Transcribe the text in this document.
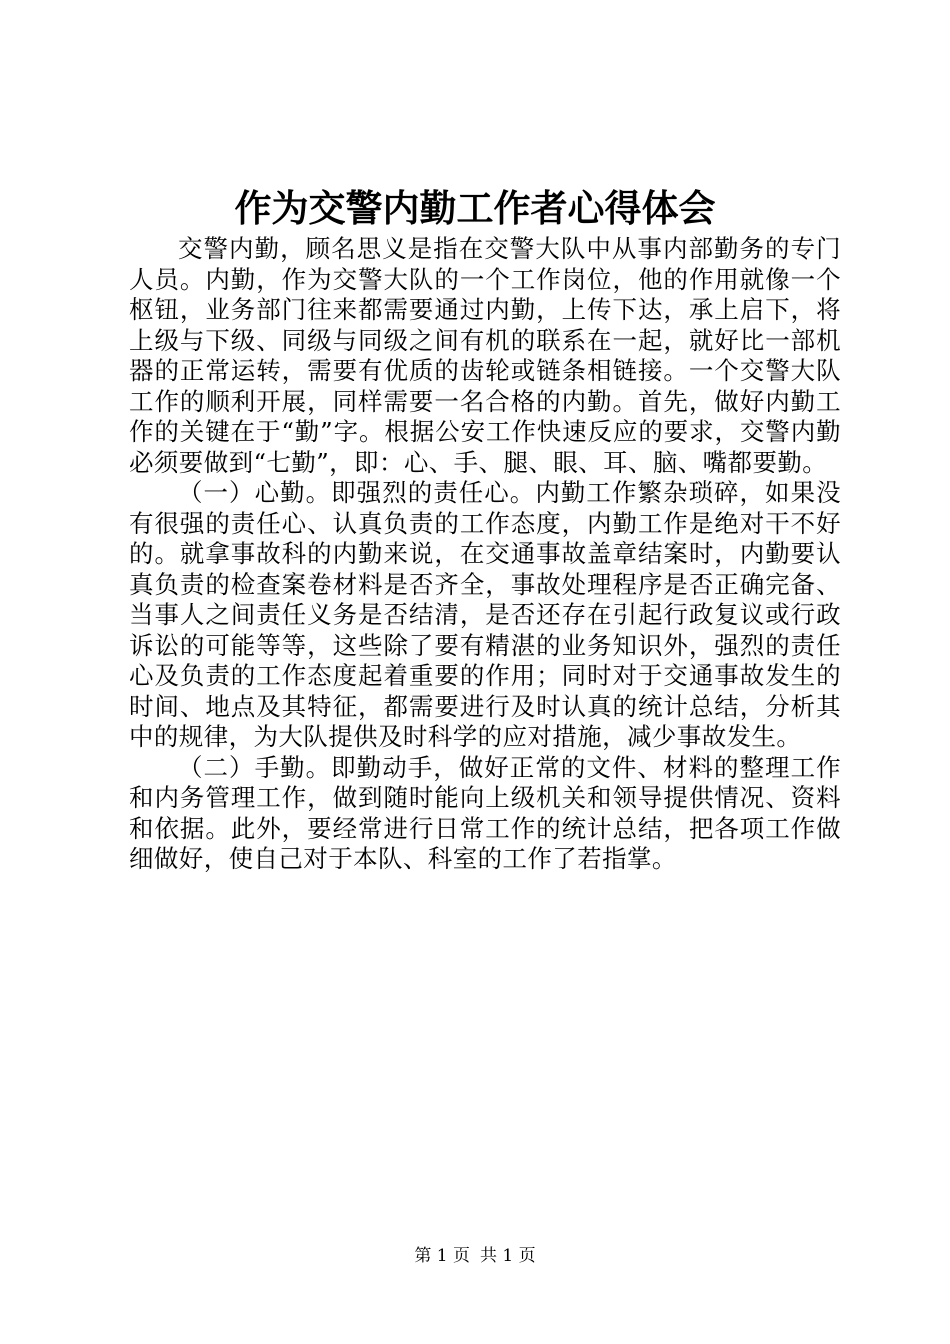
作为交警内勤工作者心得体会

交警内勤，顾名思义是指在交警大队中从事内部勤务的专门人员。内勤，作为交警大队的一个工作岗位，他的作用就像一个枢钮，业务部门往来都需要通过内勤，上传下达，承上启下，将上级与下级、同级与同级之间有机的联系在一起，就好比一部机器的正常运转，需要有优质的齿轮或链条相链接。一个交警大队工作的顺利开展，同样需要一名合格的内勤。首先，做好内勤工作的关键在于“勤”字。根据公安工作快速反应的要求，交警内勤必须要做到“七勤”，即：心、手、腿、眼、耳、脑、嘴都要勤。

（一）心勤。即强烈的责任心。内勤工作繁杂琐碎，如果没有很强的责任心、认真负责的工作态度，内勤工作是绝对干不好的。就拿事故科的内勤来说，在交通事故盖章结案时，内勤要认真负责的检查案卷材料是否齐全，事故处理程序是否正确完备、当事人之间责任义务是否结清，是否还存在引起行政复议或行政诉讼的可能等等，这些除了要有精湛的业务知识外，强烈的责任心及负责的工作态度起着重要的作用；同时对于交通事故发生的时间、地点及其特征，都需要进行及时认真的统计总结，分析其中的规律，为大队提供及时科学的应对措施，减少事故发生。

（二）手勤。即勤动手，做好正常的文件、材料的整理工作和内务管理工作，做到随时能向上级机关和领导提供情况、资料和依据。此外，要经常进行日常工作的统计总结，把各项工作做细做好，使自己对于本队、科室的工作了若指掌。

第 1 页 共 1 页
